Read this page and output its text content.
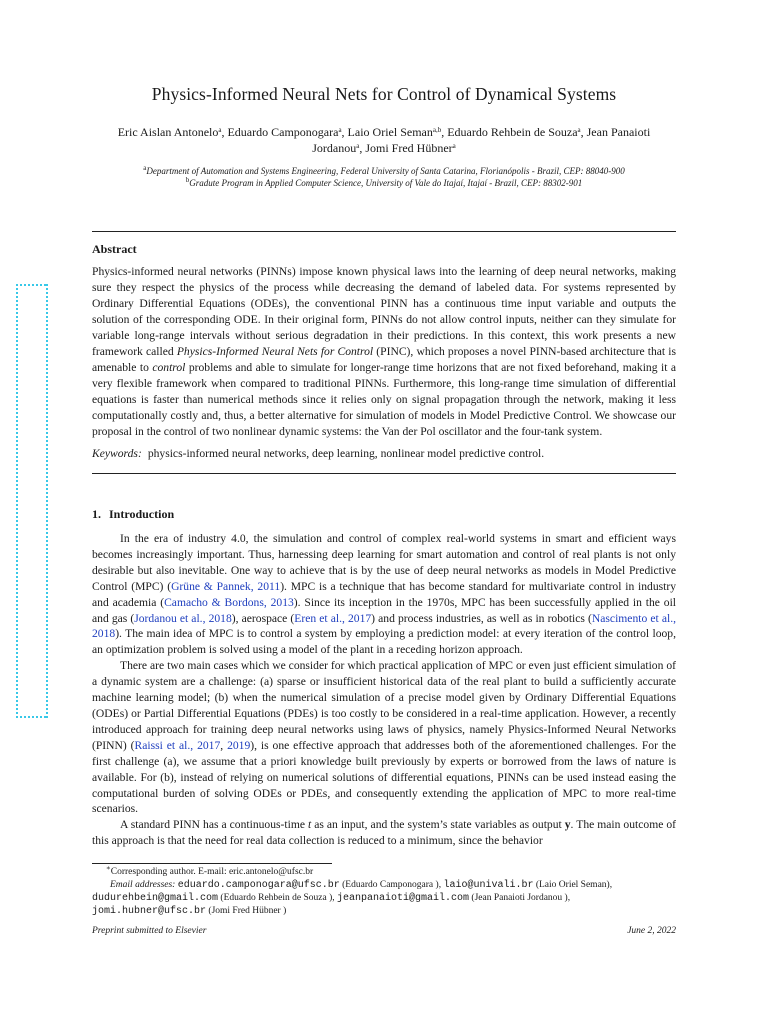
Physics-Informed Neural Nets for Control of Dynamical Systems
Eric Aislan Antonelo$^a$, Eduardo Camponogara$^a$, Laio Oriel Seman$^{a,b}$, Eduardo Rehbein de Souza$^a$, Jean Panaioti Jordanou$^a$, Jomi Fred Hübner$^a$
$^a$Department of Automation and Systems Engineering, Federal University of Santa Catarina, Florianópolis - Brazil, CEP: 88040-900
$^b$Gradute Program in Applied Computer Science, University of Vale do Itajaí, Itajaí - Brazil, CEP: 88302-901
Abstract
Physics-informed neural networks (PINNs) impose known physical laws into the learning of deep neural networks, making sure they respect the physics of the process while decreasing the demand of labeled data. For systems represented by Ordinary Differential Equations (ODEs), the conventional PINN has a continuous time input variable and outputs the solution of the corresponding ODE. In their original form, PINNs do not allow control inputs, neither can they simulate for variable long-range intervals without serious degradation in their predictions. In this context, this work presents a new framework called Physics-Informed Neural Nets for Control (PINC), which proposes a novel PINN-based architecture that is amenable to control problems and able to simulate for longer-range time horizons that are not fixed beforehand, making it a very flexible framework when compared to traditional PINNs. Furthermore, this long-range time simulation of differential equations is faster than numerical methods since it relies only on signal propagation through the network, making it less computationally costly and, thus, a better alternative for simulation of models in Model Predictive Control. We showcase our proposal in the control of two nonlinear dynamic systems: the Van der Pol oscillator and the four-tank system.
Keywords: physics-informed neural networks, deep learning, nonlinear model predictive control.
1. Introduction

In the era of industry 4.0, the simulation and control of complex real-world systems in smart and efficient ways becomes increasingly important. Thus, harnessing deep learning for smart automation and control of real plants is not only desirable but also inevitable. One way to achieve that is by the use of deep neural networks as models in Model Predictive Control (MPC) (Grüne & Pannek, 2011). MPC is a technique that has become standard for multivariate control in industry and academia (Camacho & Bordons, 2013). Since its inception in the 1970s, MPC has been successfully applied in the oil and gas (Jordanou et al., 2018), aerospace (Eren et al., 2017) and process industries, as well as in robotics (Nascimento et al., 2018). The main idea of MPC is to control a system by employing a prediction model: at every iteration of the control loop, an optimization problem is solved using a model of the plant in a receding horizon approach.

There are two main cases which we consider for which practical application of MPC or even just efficient simulation of a dynamic system are a challenge: (a) sparse or insufficient historical data of the real plant to build a sufficiently accurate machine learning model; (b) when the numerical simulation of a precise model given by Ordinary Differential Equations (ODEs) or Partial Differential Equations (PDEs) is too costly to be considered in a real-time application. However, a recently introduced approach for training deep neural networks using laws of physics, namely Physics-Informed Neural Networks (PINN) (Raissi et al., 2017, 2019), is one effective approach that addresses both of the aforementioned challenges. For the first challenge (a), we assume that a priori knowledge built previously by experts or borrowed from the laws of nature is available. For (b), instead of relying on numerical solutions of differential equations, PINNs can be used instead easing the computational burden of solving ODEs or PDEs, and consequently extending the application of MPC to more real-time scenarios.

A standard PINN has a continuous-time t as an input, and the system’s state variables as output y. The main outcome of this approach is that the need for real data collection is reduced to a minimum, since the behavior

∗Corresponding author. E-mail: eric.antonelo@ufsc.br
Email addresses: eduardo.camponogara@ufsc.br (Eduardo Camponogara ), laio@univali.br (Laio Oriel Seman),
dudurehbein@gmail.com (Eduardo Rehbein de Souza ), jeanpanaioti@gmail.com (Jean Panaioti Jordanou ),
jomi.hubner@ufsc.br (Jomi Fred Hübner )
Preprint submitted to Elsevier	June 2, 2022
